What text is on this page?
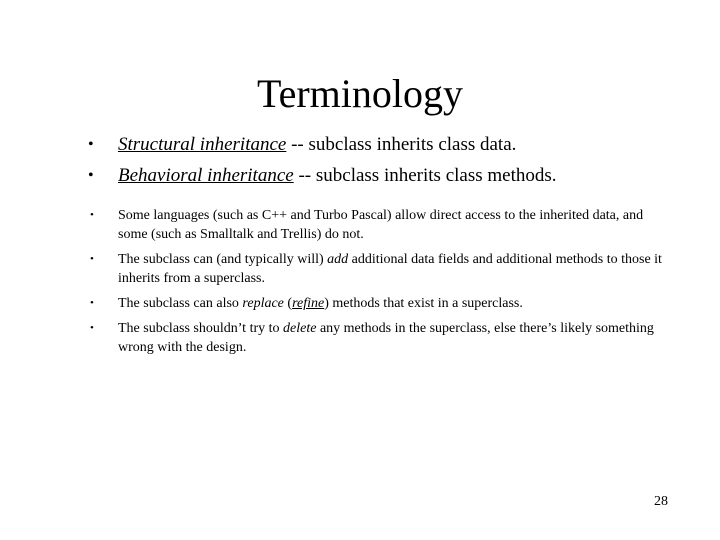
Terminology
• Structural inheritance -- subclass inherits class data.
• Behavioral inheritance -- subclass inherits class methods.
• Some languages (such as C++ and Turbo Pascal) allow direct access to the inherited data, and some (such as Smalltalk and Trellis) do not.
• The subclass can (and typically will) add additional data fields and additional methods to those it inherits from a superclass.
• The subclass can also replace (refine) methods that exist in a superclass.
• The subclass shouldn’t try to delete any methods in the superclass, else there’s likely something wrong with the design.
28
